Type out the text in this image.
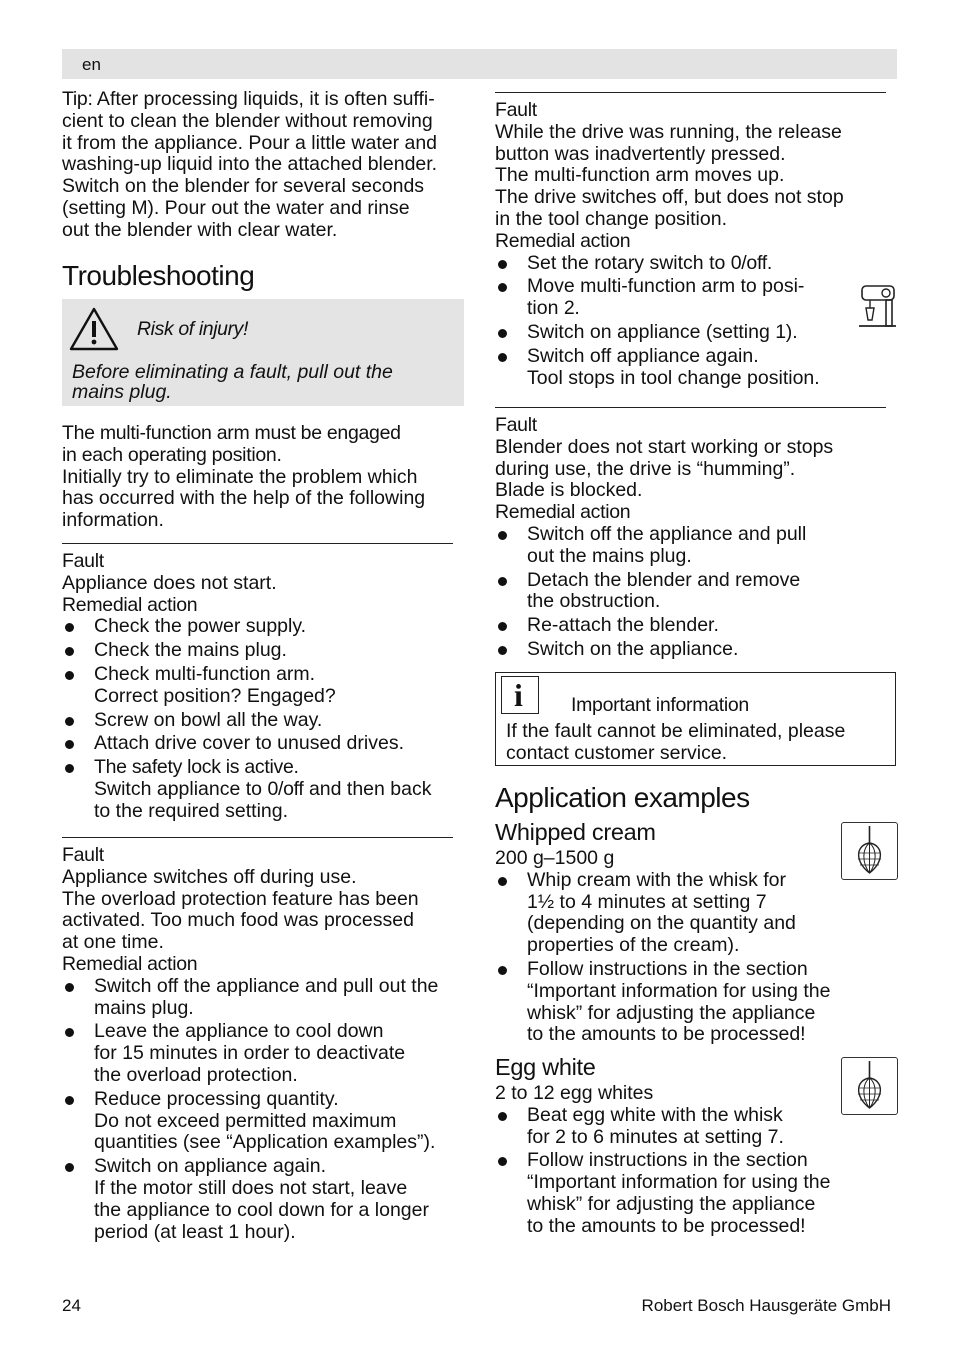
en

Tip: After processing liquids, it is often suffi-
cient to clean the blender without removing
it from the appliance. Pour a little water and
washing-up liquid into the attached blender.
Switch on the blender for several seconds
(setting M). Pour out the water and rinse
out the blender with clear water.

Troubleshooting
Risk of injury!
Before eliminating a fault, pull out the
mains plug.

The multi-function arm must be engaged
in each operating position.

Initially try to eliminate the problem which
has occurred with the help of the following
information.

Fault

Appliance does not start.

Remedial action

Check the power supply.
Check the mains plug.
Check multi-function arm.
Correct position? Engaged?
Screw on bowl all the way.
Attach drive cover to unused drives.
The safety lock is active.
Switch appliance to 0/off and then back
to the required setting.

Fault

Appliance switches off during use.
The overload protection feature has been
activated. Too much food was processed
at one time.

Remedial action

Switch off the appliance and pull out the
mains plug.
Leave the appliance to cool down
for 15 minutes in order to deactivate
the overload protection.
Reduce processing quantity.
Do not exceed permitted maximum
quantities (see “Application examples”).
Switch on appliance again.
If the motor still does not start, leave
the appliance to cool down for a longer
period (at least 1 hour).

Fault

While the drive was running, the release
button was inadvertently pressed.
The multi-function arm moves up.
The drive switches off, but does not stop
in the tool change position.

Remedial action

Set the rotary switch to 0/off.
Move multi-function arm to posi-
tion 2.
Switch on appliance (setting 1).
Switch off appliance again.
Tool stops in tool change position.

Fault

Blender does not start working or stops
during use, the drive is “humming”.
Blade is blocked.

Remedial action

Switch off the appliance and pull
out the mains plug.
Detach the blender and remove
the obstruction.
Re-attach the blender.
Switch on the appliance.
i Important information
If the fault cannot be eliminated, please
contact customer service.
Application examples
Whipped cream

200 g–1500 g

Whip cream with the whisk for
1½ to 4 minutes at setting 7
(depending on the quantity and
properties of the cream).
Follow instructions in the section
“Important information for using the
whisk” for adjusting the appliance
to the amounts to be processed!
Egg white

2 to 12 egg whites

Beat egg white with the whisk
for 2 to 6 minutes at setting 7.
Follow instructions in the section
“Important information for using the
whisk” for adjusting the appliance
to the amounts to be processed!
24	Robert Bosch Hausgeräte GmbH
